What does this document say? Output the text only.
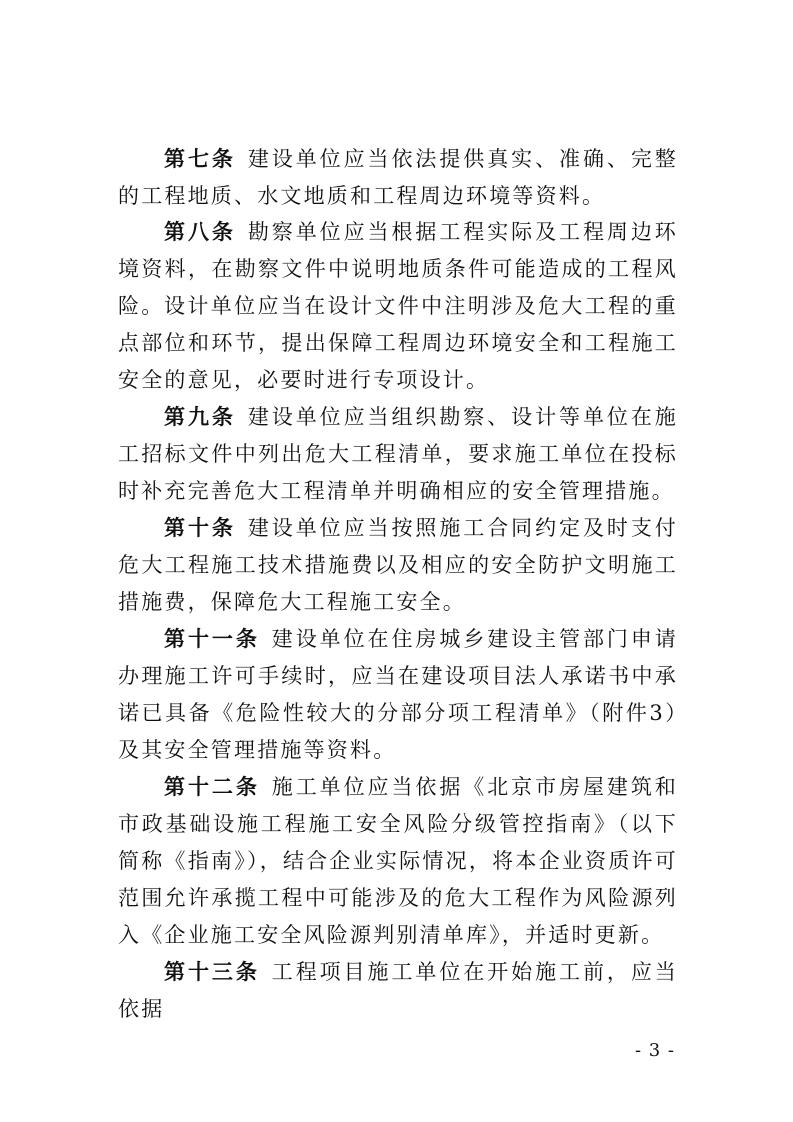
第七条 建设单位应当依法提供真实、准确、完整的工程地质、水文地质和工程周边环境等资料。

第八条 勘察单位应当根据工程实际及工程周边环境资料，在勘察文件中说明地质条件可能造成的工程风险。 设计单位应当在设计文件中注明涉及危大工程的重点部位和环节，提出保障工程周边环境安全和工程施工安全的意见，必要时进行专项设计。

第九条 建设单位应当组织勘察、设计等单位在施工招标文件中列出危大工程清单，要求施工单位在投标时补充完善危大工程清单并明确相应的安全管理措施。

第十条 建设单位应当按照施工合同约定及时支付危大工程施工技术措施费以及相应的安全防护文明施工措施费，保障危大工程施工安全。

第十一条 建设单位在住房城乡建设主管部门申请办理施工许可手续时，应当在建设项目法人承诺书中承诺已具备《危险性较大的分部分项工程清单》（附件3）及其安全管理措施等资料。

第十二条 施工单位应当依据《北京市房屋建筑和市政基础设施工程施工安全风险分级管控指南》（以下简称《指南》），结合企业实际情况，将本企业资质许可范围允许承揽工程中可能涉及的危大工程作为风险源列入《企业施工安全风险源判别清单库》，并适时更新。

第十三条 工程项目施工单位在开始施工前，应当依据

- 3 -
